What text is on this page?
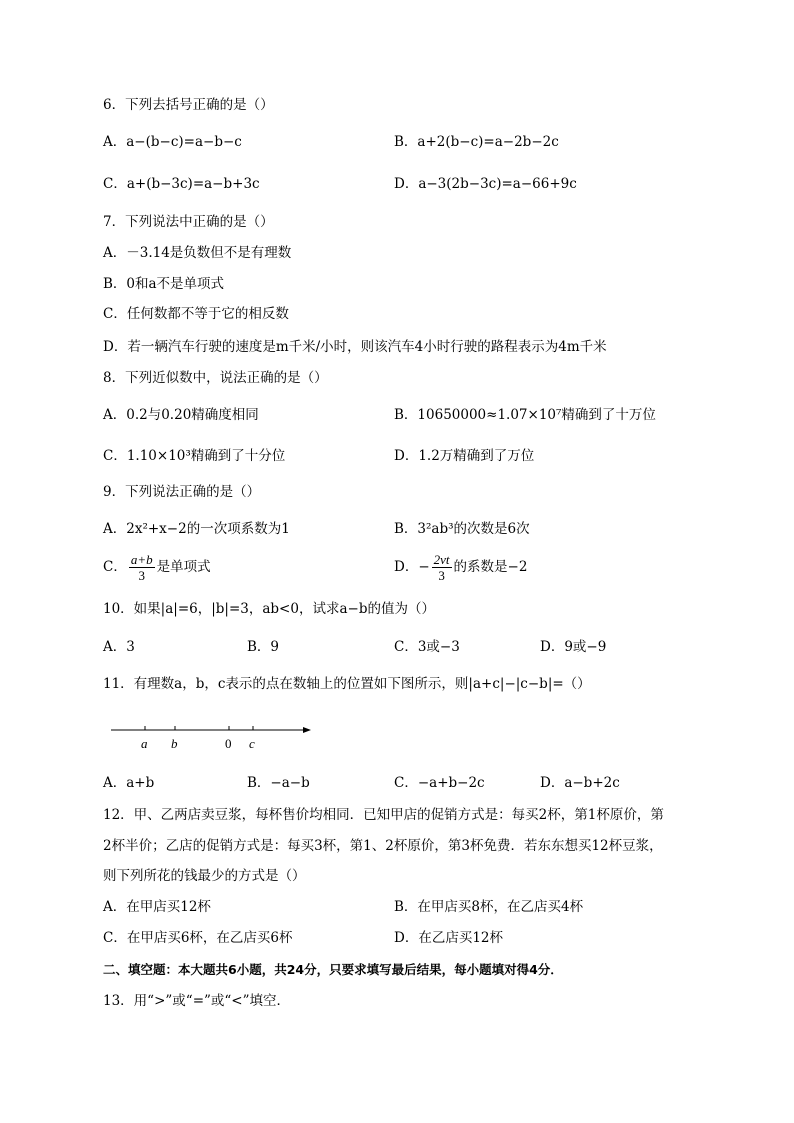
6．下列去括号正确的是（）
A．a−(b−c)=a−b−c	B．a+2(b−c)=a−2b−2c
C．a+(b−3c)=a−b+3c	D．a−3(2b−3c)=a−66+9c
7．下列说法中正确的是（）
A．－3.14是负数但不是有理数
B．0和a不是单项式
C．任何数都不等于它的相反数
D．若一辆汽车行驶的速度是m千米/小时，则该汽车4小时行驶的路程表示为4m千米
8．下列近似数中，说法正确的是（）
A．0.2与0.20精确度相同	B．10650000≈1.07×10⁷精确到了十万位
C．1.10×10³精确到了十分位	D．1.2万精确到了万位
9．下列说法正确的是（）
A．2x²+x−2的一次项系数为1	B．3²ab³的次数是6次
C． $\frac{a+b}{3}$ 是单项式	D．− $\frac{2vt}{3}$ 的系数是−2
10．如果|a|=6，|b|=3，ab<0，试求a−b的值为（）
A．3	B．9	C．3或−3	D．9或−9
11．有理数a，b，c表示的点在数轴上的位置如下图所示，则|a+c|−|c−b|=（）
a b	0 c
A．a+b	B．−a−b	C．−a+b−2c	D．a−b+2c
12．甲、乙两店卖豆浆，每杯售价均相同．已知甲店的促销方式是：每买2杯，第1杯原价，第
2杯半价；乙店的促销方式是：每买3杯，第1、2杯原价，第3杯免费．若东东想买12杯豆浆，
则下列所花的钱最少的方式是（）
A．在甲店买12杯	B．在甲店买8杯，在乙店买4杯
C．在甲店买6杯，在乙店买6杯	D．在乙店买12杯
二、填空题：本大题共6小题，共24分，只要求填写最后结果，每小题填对得4分．
13．用“>”或“=”或“<”填空．
